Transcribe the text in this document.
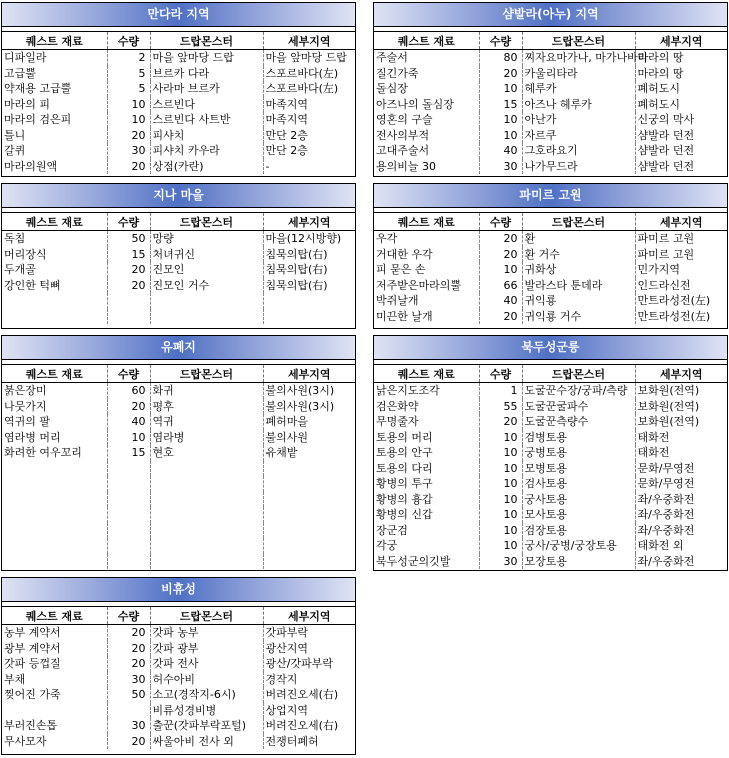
만다라 지역
퀘스트 재료	수량	드랍몬스터	세부지역
디파일라	2	마을 앞마당 드랍	마을 앞마당 드랍
고급뿔	5	브르카 다라	스포르바다(左)
약재용 고급뿔	5	사라마 브르카	스포르바다(左)
마라의 피	10	스르빈다	마족지역
마라의 검은피	10	스르빈다 사트반	마족지역
틀니	20	피샤치	만단 2층
갈퀴	30	피샤치 카우라	만단 2층
마라의원액	20	상점(카란)	-
샴발라(아누) 지역
퀘스트 재료	수량	드랍몬스터	세부지역
주술서	80	찌자요마가나, 마가나바라	마라의 땅
질긴가죽	20	카울리타라	마라의 땅
돌심장	10	헤루카	폐허도시
아즈나의 돌심장	15	아즈나 헤루카	폐허도시
영혼의 구슬	10	아난가	신궁의 막사
전사의부적	10	자르쿠	샴발라 던전
고대주술서	40	그호라요기	샴발라 던전
용의비늘 30	30	나가무드라	샴발라 던전
지나 마을
퀘스트 재료	수량	드랍몬스터	세부지역
독침	50	망량	마을(12시방향)
머리장식	15	처녀귀신	침묵의탑(右)
두개골	20	진모인	침묵의탑(右)
강인한 턱뼈	20	진모인 거수	침묵의탑(右)

파미르 고원
퀘스트 재료	수량	드랍몬스터	세부지역
우각	20	환	파미르 고원
거대한 우각	20	환 거수	파미르 고원
피 묻은 손	10	귀화상	민가지역
저주받은마라의뿔	66	발라스타 툰데라	인드라신전
박쥐날개	40	귀익룡	만트라성전(左)
미끈한 날개	20	귀익룡 거수	만트라성전(左)
유폐지
퀘스트 재료	수량	드랍몬스터	세부지역
붉은장미	60	화귀	불의사원(3시)
나뭇가지	20	평후	불의사원(3시)
역귀의 팔	40	역귀	폐허마을
염라병 머리	10	염라병	불의사원
화려한 여우꼬리	15	현호	유채밭

북두성군릉
퀘스트 재료	수량	드랍몬스터	세부지역
낡은지도조각	1	도굴꾼수장/궁파/측량	보화원(전역)
검은화약	55	도굴꾼굴파수	보화원(전역)
무명줄자	20	도굴꾼측량수	보화원(전역)
토용의 머리	10	검병토용	태화전
토용의 안구	10	궁병토용	태화전
토용의 다리	10	모병토용	문화/무영전
황병의 투구	10	검사토용	문화/무영전
황병의 흉갑	10	궁사토용	좌/우중화전
황병의 신갑	10	모사토용	좌/우중화전
장군검	10	검장토용	좌/우중화전
각궁	10	궁사/궁병/궁장토용	태화전 외
북두성군의깃발	30	모장토용	좌/우중화전
비휴성
퀘스트 재료	수량	드랍몬스터	세부지역
농부 계약서	20	갓파 농부	갓파부락
광부 계약서	20	갓파 광부	광산지역
갓파 등껍질	20	갓파 전사	광산/갓파부락
부채	30	허수아비	경작지
찢어진 가죽	50	소고(경작지-6시)	버려진오세(右)
		비류성경비병	상업지역
부러진손톱	30	출꾼(갓파부락포털)	버려진오세(右)
무사모자	20	싸울아비 전사 외	전쟁터폐허
